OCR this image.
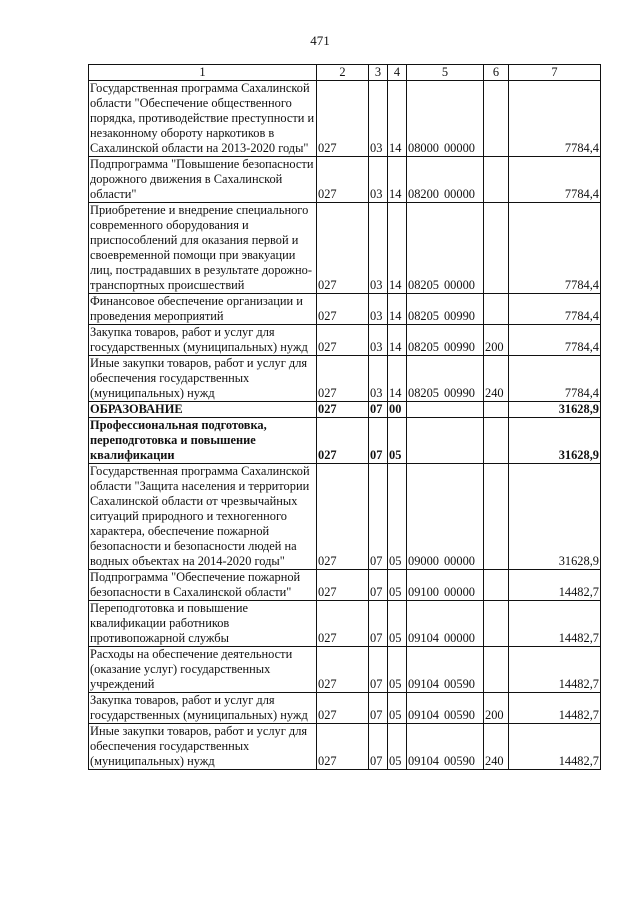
471
1	2	3	4	5	6	7
Государственная программа Сахалинской области "Обеспечение общественного порядка, противодействие преступности и незаконному обороту наркотиков в Сахалинской области на 2013-2020 годы"	027	03	14	08000 00000		7784,4
Подпрограмма "Повышение безопасности дорожного движения в Сахалинской области"	027	03	14	08200 00000		7784,4
Приобретение и внедрение специального современного оборудования и приспособлений для оказания первой и своевременной помощи при эвакуации лиц, пострадавших в результате дорожно-транспортных происшествий	027	03	14	08205 00000		7784,4
Финансовое обеспечение организации и проведения мероприятий	027	03	14	08205 00990		7784,4
Закупка товаров, работ и услуг для государственных (муниципальных) нужд	027	03	14	08205 00990	200	7784,4
Иные закупки товаров, работ и услуг для обеспечения государственных (муниципальных) нужд	027	03	14	08205 00990	240	7784,4
ОБРАЗОВАНИЕ	027	07	00			31628,9
Профессиональная подготовка, переподготовка и повышение квалификации	027	07	05			31628,9
Государственная программа Сахалинской области "Защита населения и территории Сахалинской области от чрезвычайных ситуаций природного и техногенного характера, обеспечение пожарной безопасности и безопасности людей на водных объектах на 2014-2020 годы"	027	07	05	09000 00000		31628,9
Подпрограмма "Обеспечение пожарной безопасности в Сахалинской области"	027	07	05	09100 00000		14482,7
Переподготовка и повышение квалификации работников противопожарной службы	027	07	05	09104 00000		14482,7
Расходы на обеспечение деятельности (оказание услуг) государственных учреждений	027	07	05	09104 00590		14482,7
Закупка товаров, работ и услуг для государственных (муниципальных) нужд	027	07	05	09104 00590	200	14482,7
Иные закупки товаров, работ и услуг для обеспечения государственных (муниципальных) нужд	027	07	05	09104 00590	240	14482,7
